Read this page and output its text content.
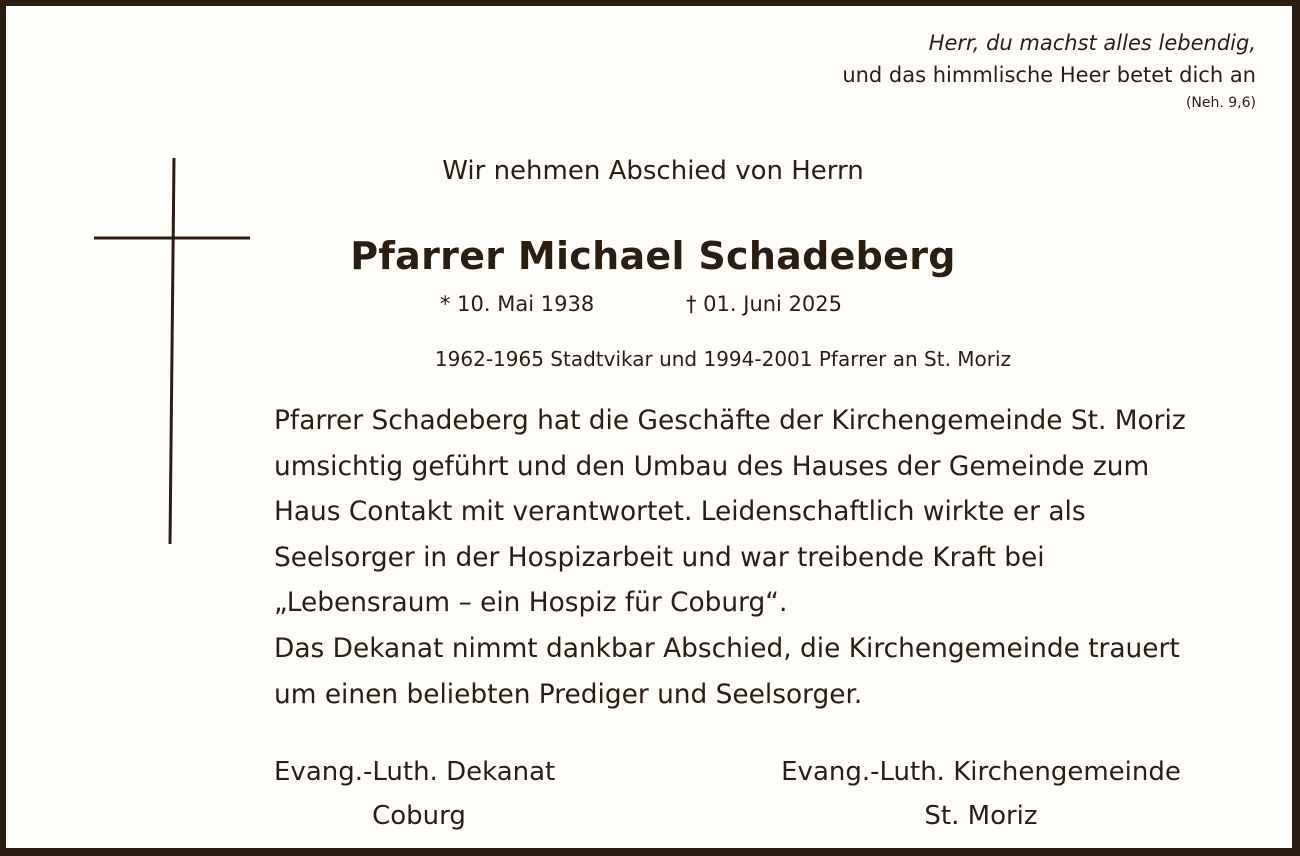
Herr, du machst alles lebendig,
und das himmlische Heer betet dich an
(Neh. 9,6)
Wir nehmen Abschied von Herrn
Pfarrer Michael Schadeberg
* 10. Mai 1938	† 01. Juni 2025
1962-1965 Stadtvikar und 1994-2001 Pfarrer an St. Moriz

Pfarrer Schadeberg hat die Geschäfte der Kirchengemeinde St. Moriz

umsichtig geführt und den Umbau des Hauses der Gemeinde zum

Haus Contakt mit verantwortet. Leidenschaftlich wirkte er als

Seelsorger in der Hospizarbeit und war treibende Kraft bei

„Lebensraum – ein Hospiz für Coburg“.

Das Dekanat nimmt dankbar Abschied, die Kirchengemeinde trauert

um einen beliebten Prediger und Seelsorger.

Evang.-Luth. Dekanat
Coburg
Evang.-Luth. Kirchengemeinde
St. Moriz
